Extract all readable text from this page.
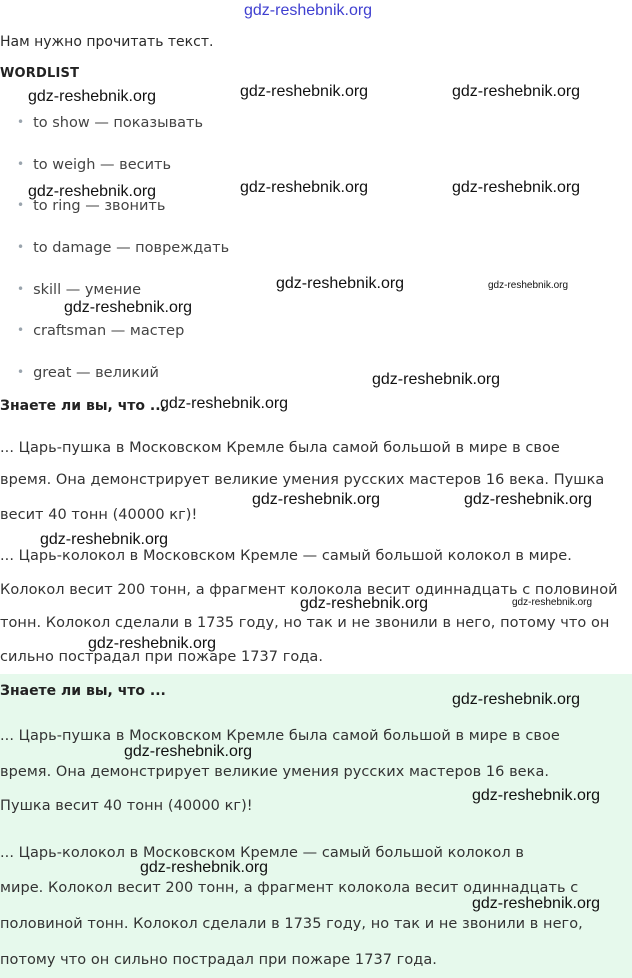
Нам нужно прочитать текст.
WORDLIST
• to show — показывать
• to weigh — весить
• to ring — звонить
• to damage — повреждать
• skill — умение
• craftsman — мастер
• great — великий
Знаете ли вы, что ...
... Царь-пушка в Московском Кремле была самой большой в мире в свое
время. Она демонстрирует великие умения русских мастеров 16 века. Пушка
весит 40 тонн (40000 кг)!
... Царь-колокол в Московском Кремле — самый большой колокол в мире.
Колокол весит 200 тонн, а фрагмент колокола весит одиннадцать с половиной
тонн. Колокол сделали в 1735 году, но так и не звонили в него, потому что он
сильно пострадал при пожаре 1737 года.
Знаете ли вы, что ...
... Царь-пушка в Московском Кремле была самой большой в мире в свое
время. Она демонстрирует великие умения русских мастеров 16 века.
Пушка весит 40 тонн (40000 кг)!
... Царь-колокол в Московском Кремле — самый большой колокол в
мире. Колокол весит 200 тонн, а фрагмент колокола весит одиннадцать с
половиной тонн. Колокол сделали в 1735 году, но так и не звонили в него,
потому что он сильно пострадал при пожаре 1737 года.
gdz-reshebnik.org
gdz-reshebnik.org	gdz-reshebnik.org	gdz-reshebnik.org
gdz-reshebnik.org	gdz-reshebnik.org	gdz-reshebnik.org
gdz-reshebnik.org	gdz-reshebnik.org
gdz-reshebnik.org
gdz-reshebnik.org
gdz-reshebnik.org
gdz-reshebnik.org	gdz-reshebnik.org
gdz-reshebnik.org
gdz-reshebnik.org	gdz-reshebnik.org
gdz-reshebnik.org
gdz-reshebnik.org
gdz-reshebnik.org
gdz-reshebnik.org
gdz-reshebnik.org
gdz-reshebnik.org
